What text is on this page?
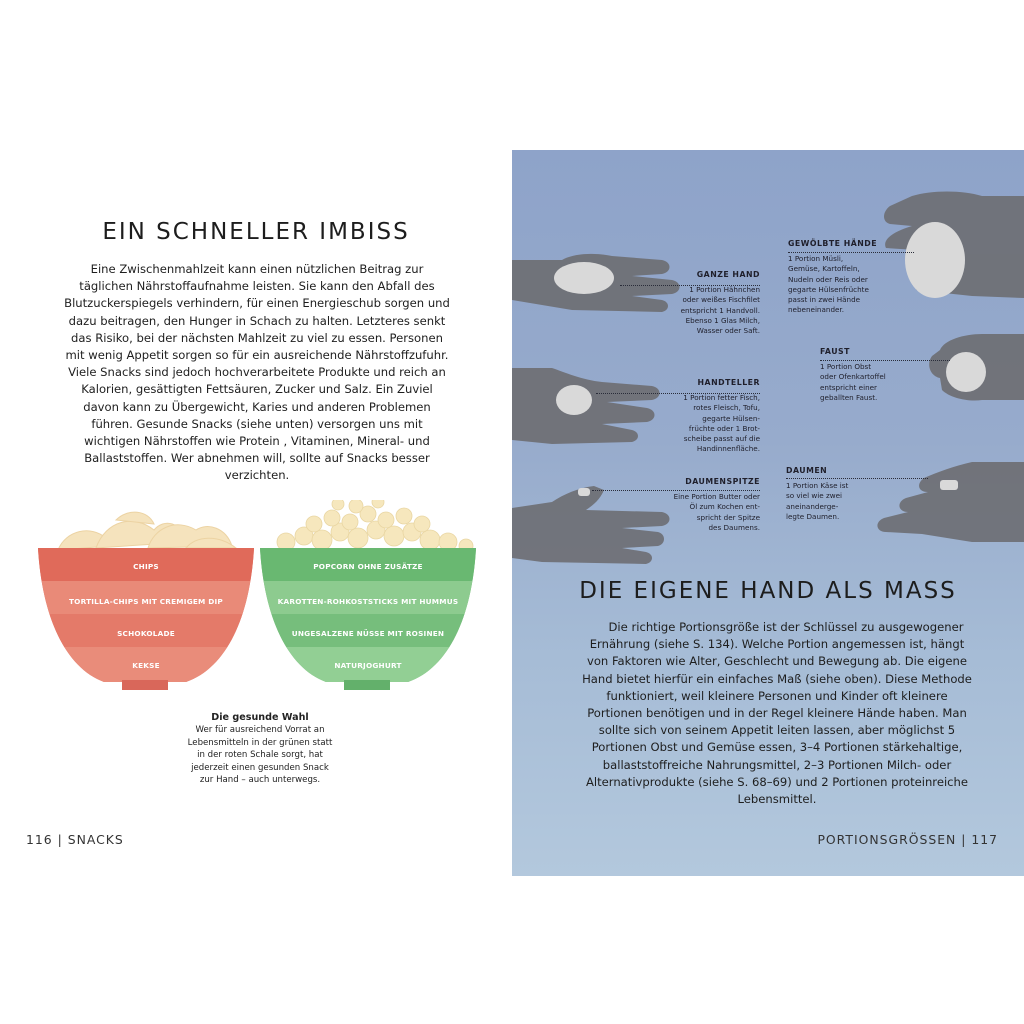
EIN SCHNELLER IMBISS

Eine Zwischenmahlzeit kann einen nützlichen Beitrag zur täglichen Nährstoffaufnahme leisten. Sie kann den Abfall des Blutzuckerspiegels verhindern, für einen Energieschub sorgen und dazu beitragen, den Hunger in Schach zu halten. Letzteres senkt das Risiko, bei der nächsten Mahlzeit zu viel zu essen. Personen mit wenig Appetit sorgen so für ein ausreichende Nährstoffzufuhr. Viele Snacks sind jedoch hochverarbeitete Produkte und reich an Kalorien, gesättigten Fettsäuren, Zucker und Salz. Ein Zuviel davon kann zu Übergewicht, Karies und anderen Problemen führen. Gesunde Snacks (siehe unten) versorgen uns mit wichtigen Nährstoffen wie Protein , Vitaminen, Mineral- und Ballaststoffen. Wer abnehmen will, sollte auf Snacks besser verzichten.

CHIPS
TORTILLA-CHIPS MIT CREMIGEM DIP
SCHOKOLADE
KEKSE
POPCORN OHNE ZUSÄTZE
KAROTTEN-ROHKOSTSTICKS MIT HUMMUS
UNGESALZENE NÜSSE MIT ROSINEN
NATURJOGHURT
Die gesunde Wahl
Wer für ausreichend Vorrat an
Lebensmitteln in der grünen statt
in der roten Schale sorgt, hat
jederzeit einen gesunden Snack
zur Hand – auch unterwegs.
116 | SNACKS
GANZE HAND
1 Portion Hähnchen
oder weißes Fischfilet
entspricht 1 Handvoll.
Ebenso 1 Glas Milch,
Wasser oder Saft.
HANDTELLER
1 Portion fetter Fisch,
rotes Fleisch, Tofu,
gegarte Hülsen-
früchte oder 1 Brot-
scheibe passt auf die
Handinnenfläche.
DAUMENSPITZE
Eine Portion Butter oder
Öl zum Kochen ent-
spricht der Spitze
des Daumens.
GEWÖLBTE HÄNDE
1 Portion Müsli,
Gemüse, Kartoffeln,
Nudeln oder Reis oder
gegarte Hülsenfrüchte
passt in zwei Hände
nebeneinander.
FAUST
1 Portion Obst
oder Ofenkartoffel
entspricht einer
geballten Faust.
DAUMEN
1 Portion Käse ist
so viel wie zwei
aneinanderge-
legte Daumen.
DIE EIGENE HAND ALS MASS

Die richtige Portionsgröße ist der Schlüssel zu ausgewogener Ernährung (siehe S. 134). Welche Portion angemessen ist, hängt von Faktoren wie Alter, Geschlecht und Bewegung ab. Die eigene Hand bietet hierfür ein einfaches Maß (siehe oben). Diese Methode funktioniert, weil kleinere Personen und Kinder oft kleinere Portionen benötigen und in der Regel kleinere Hände haben. Man sollte sich von seinem Appetit leiten lassen, aber möglichst 5 Portionen Obst und Gemüse essen, 3–4 Portionen stärkehaltige, ballaststoffreiche Nahrungsmittel, 2–3 Portionen Milch- oder Alternativprodukte (siehe S. 68–69) und 2 Portionen proteinreiche Lebensmittel.

PORTIONSGRÖSSEN | 117
